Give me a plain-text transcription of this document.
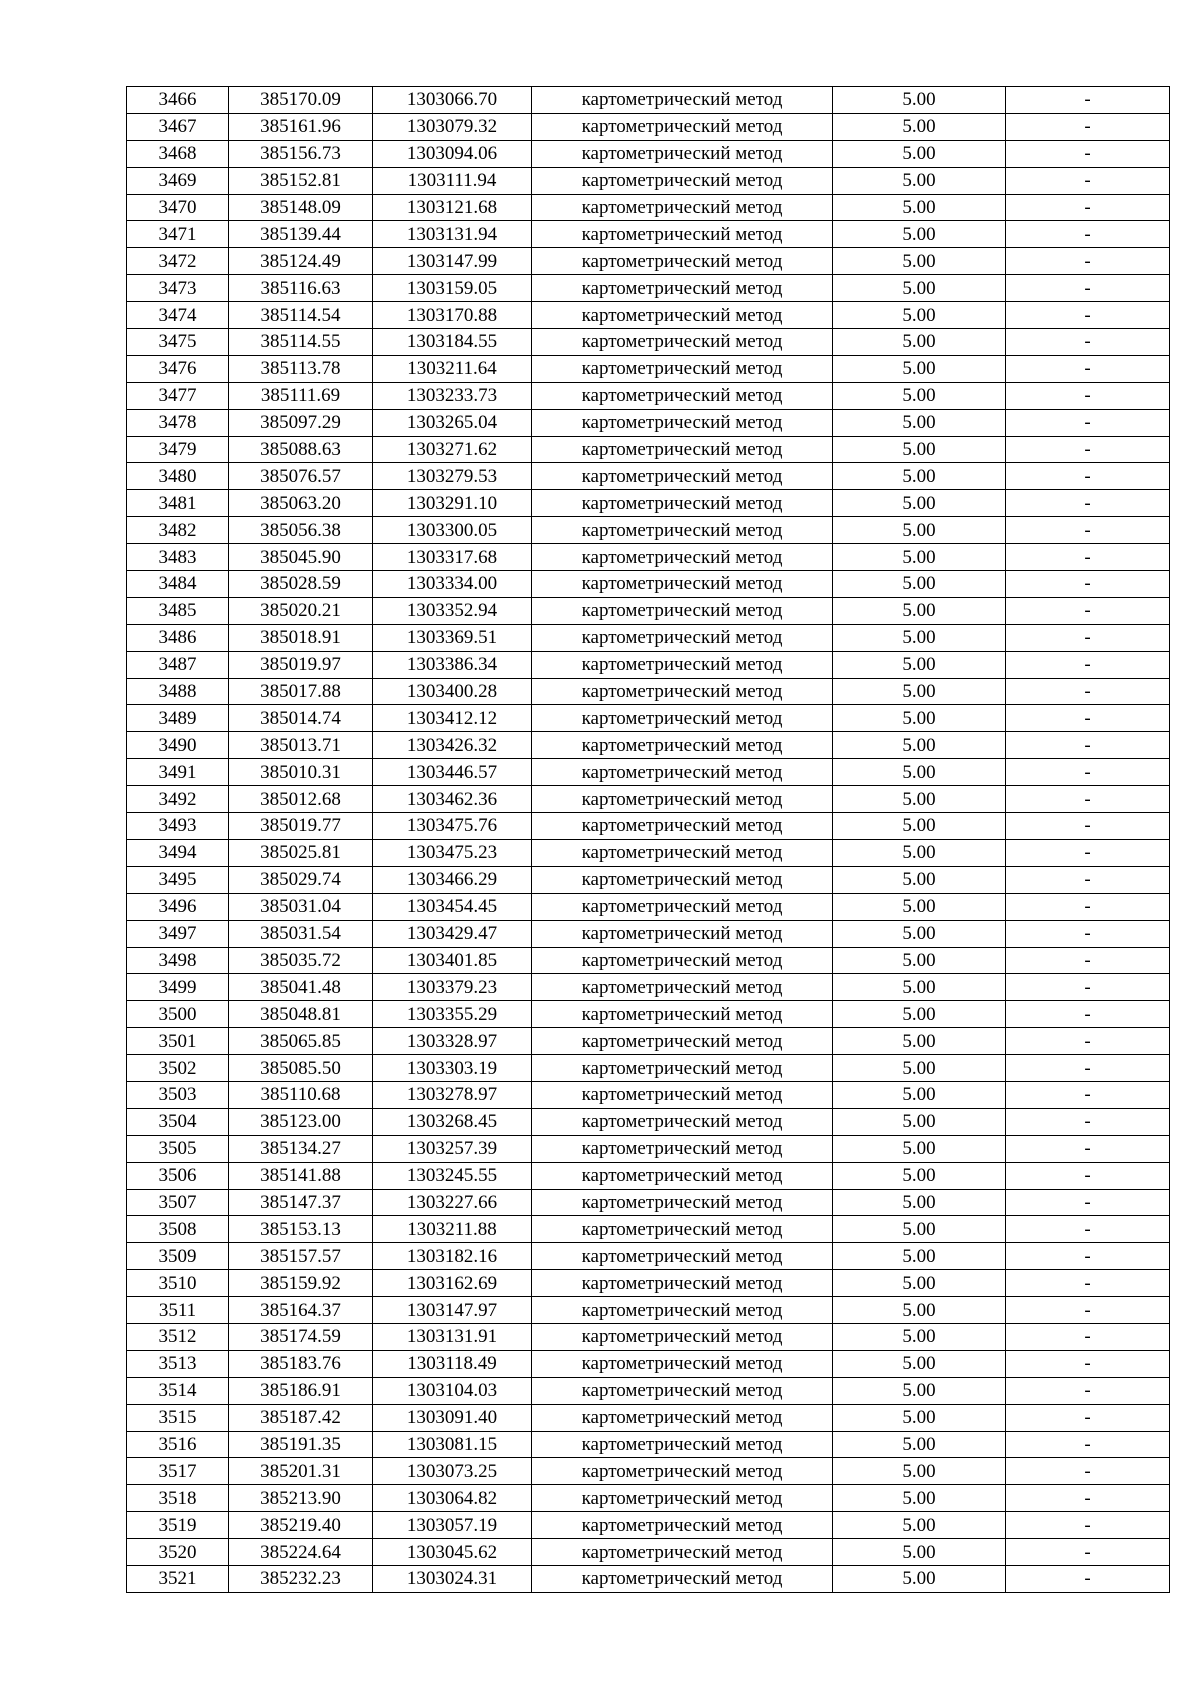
3466	385170.09	1303066.70	картометрический метод	5.00	-
3467	385161.96	1303079.32	картометрический метод	5.00	-
3468	385156.73	1303094.06	картометрический метод	5.00	-
3469	385152.81	1303111.94	картометрический метод	5.00	-
3470	385148.09	1303121.68	картометрический метод	5.00	-
3471	385139.44	1303131.94	картометрический метод	5.00	-
3472	385124.49	1303147.99	картометрический метод	5.00	-
3473	385116.63	1303159.05	картометрический метод	5.00	-
3474	385114.54	1303170.88	картометрический метод	5.00	-
3475	385114.55	1303184.55	картометрический метод	5.00	-
3476	385113.78	1303211.64	картометрический метод	5.00	-
3477	385111.69	1303233.73	картометрический метод	5.00	-
3478	385097.29	1303265.04	картометрический метод	5.00	-
3479	385088.63	1303271.62	картометрический метод	5.00	-
3480	385076.57	1303279.53	картометрический метод	5.00	-
3481	385063.20	1303291.10	картометрический метод	5.00	-
3482	385056.38	1303300.05	картометрический метод	5.00	-
3483	385045.90	1303317.68	картометрический метод	5.00	-
3484	385028.59	1303334.00	картометрический метод	5.00	-
3485	385020.21	1303352.94	картометрический метод	5.00	-
3486	385018.91	1303369.51	картометрический метод	5.00	-
3487	385019.97	1303386.34	картометрический метод	5.00	-
3488	385017.88	1303400.28	картометрический метод	5.00	-
3489	385014.74	1303412.12	картометрический метод	5.00	-
3490	385013.71	1303426.32	картометрический метод	5.00	-
3491	385010.31	1303446.57	картометрический метод	5.00	-
3492	385012.68	1303462.36	картометрический метод	5.00	-
3493	385019.77	1303475.76	картометрический метод	5.00	-
3494	385025.81	1303475.23	картометрический метод	5.00	-
3495	385029.74	1303466.29	картометрический метод	5.00	-
3496	385031.04	1303454.45	картометрический метод	5.00	-
3497	385031.54	1303429.47	картометрический метод	5.00	-
3498	385035.72	1303401.85	картометрический метод	5.00	-
3499	385041.48	1303379.23	картометрический метод	5.00	-
3500	385048.81	1303355.29	картометрический метод	5.00	-
3501	385065.85	1303328.97	картометрический метод	5.00	-
3502	385085.50	1303303.19	картометрический метод	5.00	-
3503	385110.68	1303278.97	картометрический метод	5.00	-
3504	385123.00	1303268.45	картометрический метод	5.00	-
3505	385134.27	1303257.39	картометрический метод	5.00	-
3506	385141.88	1303245.55	картометрический метод	5.00	-
3507	385147.37	1303227.66	картометрический метод	5.00	-
3508	385153.13	1303211.88	картометрический метод	5.00	-
3509	385157.57	1303182.16	картометрический метод	5.00	-
3510	385159.92	1303162.69	картометрический метод	5.00	-
3511	385164.37	1303147.97	картометрический метод	5.00	-
3512	385174.59	1303131.91	картометрический метод	5.00	-
3513	385183.76	1303118.49	картометрический метод	5.00	-
3514	385186.91	1303104.03	картометрический метод	5.00	-
3515	385187.42	1303091.40	картометрический метод	5.00	-
3516	385191.35	1303081.15	картометрический метод	5.00	-
3517	385201.31	1303073.25	картометрический метод	5.00	-
3518	385213.90	1303064.82	картометрический метод	5.00	-
3519	385219.40	1303057.19	картометрический метод	5.00	-
3520	385224.64	1303045.62	картометрический метод	5.00	-
3521	385232.23	1303024.31	картометрический метод	5.00	-
